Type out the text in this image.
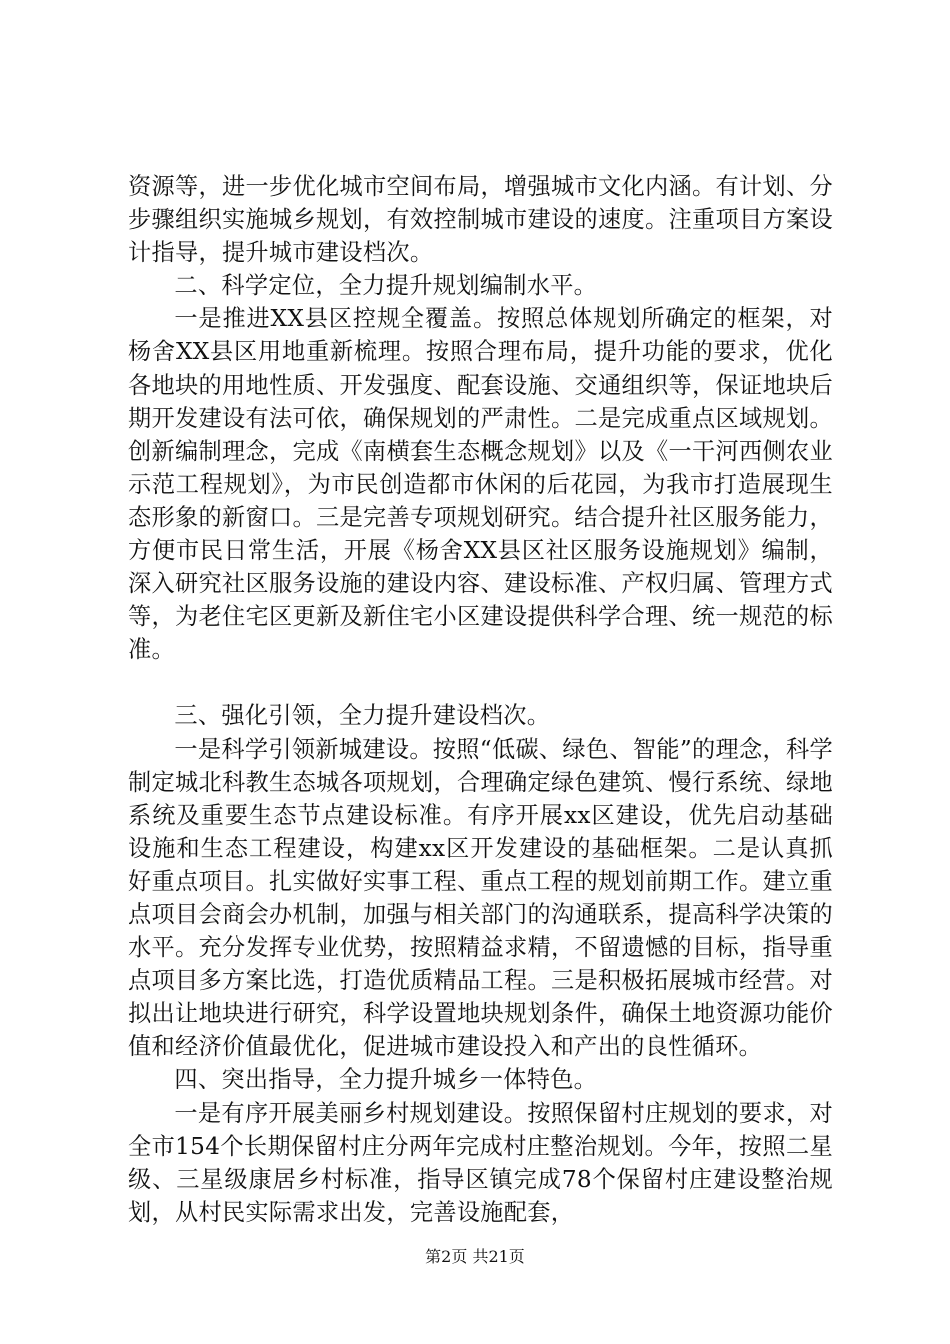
资源等，进一步优化城市空间布局，增强城市文化内涵。有计划、分步骤组织实施城乡规划，有效控制城市建设的速度。注重项目方案设计指导，提升城市建设档次。

二、科学定位，全力提升规划编制水平。

一是推进XX县区控规全覆盖。按照总体规划所确定的框架，对杨舍XX县区用地重新梳理。按照合理布局，提升功能的要求，优化各地块的用地性质、开发强度、配套设施、交通组织等，保证地块后期开发建设有法可依，确保规划的严肃性。二是完成重点区域规划。创新编制理念，完成《南横套生态概念规划》以及《一干河西侧农业示范工程规划》，为市民创造都市休闲的后花园，为我市打造展现生态形象的新窗口。三是完善专项规划研究。结合提升社区服务能力，方便市民日常生活，开展《杨舍XX县区社区服务设施规划》编制，深入研究社区服务设施的建设内容、建设标准、产权归属、管理方式等，为老住宅区更新及新住宅小区建设提供科学合理、统一规范的标准。

三、强化引领，全力提升建设档次。

一是科学引领新城建设。按照“低碳、绿色、智能”的理念，科学制定城北科教生态城各项规划，合理确定绿色建筑、慢行系统、绿地系统及重要生态节点建设标准。有序开展xx区建设，优先启动基础设施和生态工程建设，构建xx区开发建设的基础框架。二是认真抓好重点项目。扎实做好实事工程、重点工程的规划前期工作。建立重点项目会商会办机制，加强与相关部门的沟通联系，提高科学决策的水平。充分发挥专业优势，按照精益求精，不留遗憾的目标，指导重点项目多方案比选，打造优质精品工程。三是积极拓展城市经营。对拟出让地块进行研究，科学设置地块规划条件，确保土地资源功能价值和经济价值最优化，促进城市建设投入和产出的良性循环。

四、突出指导，全力提升城乡一体特色。

一是有序开展美丽乡村规划建设。按照保留村庄规划的要求，对全市154个长期保留村庄分两年完成村庄整治规划。今年，按照二星级、三星级康居乡村标准，指导区镇完成78个保留村庄建设整治规划，从村民实际需求出发，完善设施配套，

第2页 共21页
